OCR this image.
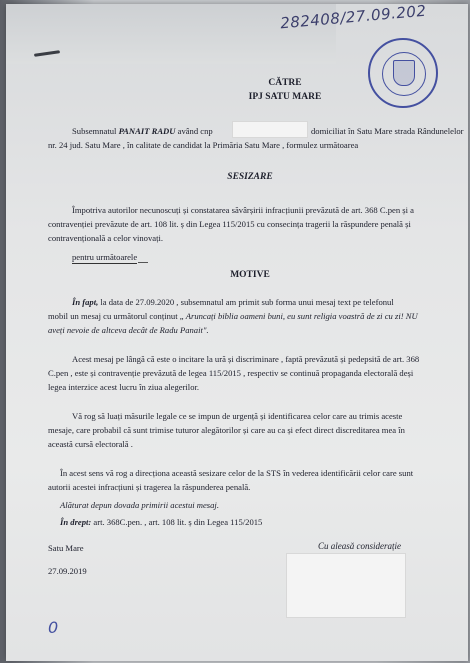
282408/27.09.202
CĂTRE
IPJ SATU MARE
Subsemnatul PANAIT RADU având cnp	domiciliat în Satu Mare strada Rândunelelor
nr. 24 jud. Satu Mare , în calitate de candidat la Primăria Satu Mare , formulez următoarea
SESIZARE
Împotriva autorilor necunoscuți și constatarea săvârșirii infracțiunii prevăzută de art. 368 C.pen și a
contravenției prevăzute de art. 108 lit. ș din Legea 115/2015 cu consecința tragerii la răspundere penală și
contravențională a celor vinovați.
pentru următoarele
MOTIVE
În fapt, la data de 27.09.2020 , subsemnatul am primit sub forma unui mesaj text pe telefonul
mobil un mesaj cu următorul conținut „ Aruncați biblia oameni buni, eu sunt religia voastră de zi cu zi! NU
aveți nevoie de altceva decât de Radu Panait".
Acest mesaj pe lângă că este o incitare la ură și discriminare , faptă prevăzută și pedepsită de art. 368
C.pen , este și contravenție prevăzută de legea 115/2015 , respectiv se continuă propaganda electorală deși
legea interzice acest lucru în ziua alegerilor.
Vă rog să luați măsurile legale ce se impun de urgență și identificarea celor care au trimis aceste
mesaje, care probabil că sunt trimise tuturor alegătorilor și care au ca și efect direct discreditarea mea în
această cursă electorală .
În acest sens vă rog a direcționa această sesizare celor de la STS în vederea identificării celor care sunt
autorii acestei infracțiuni și tragerea la răspunderea penală.
Alăturat depun dovada primirii acestui mesaj.
În drept: art. 368C.pen. , art. 108 lit. ș din Legea 115/2015
Satu Mare	Cu aleasă considerație
27.09.2019
0
